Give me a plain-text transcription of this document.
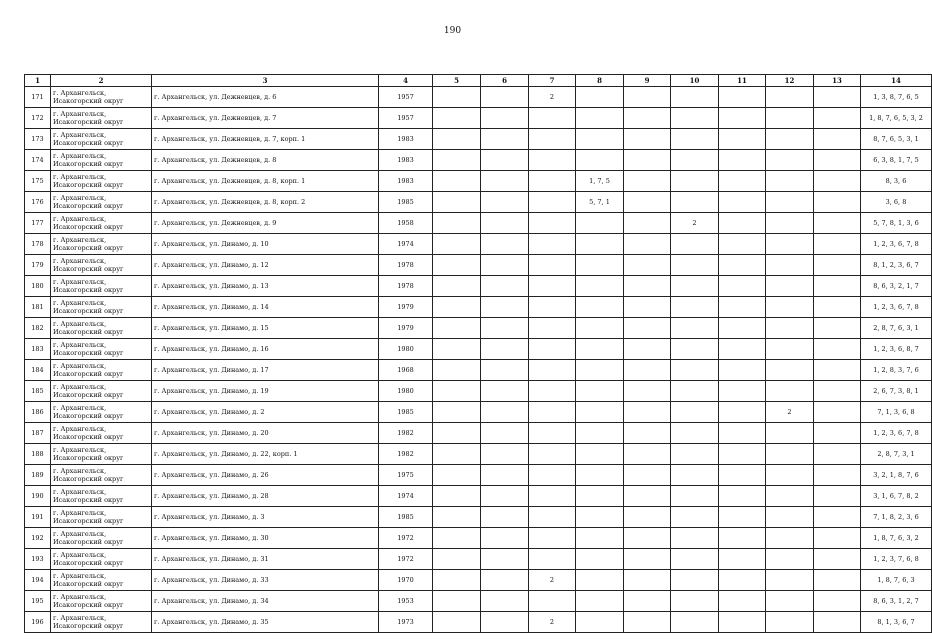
190
1	2	3	4	5	6	7	8	9	10	11	12	13	14
171	г. Архангельск, Исакогорский округ	г. Архангельск, ул. Дежневцев, д. 6	1957			2							1, 3, 8, 7, 6, 5
172	г. Архангельск, Исакогорский округ	г. Архангельск, ул. Дежневцев, д. 7	1957										1, 8, 7, 6, 5, 3, 2
173	г. Архангельск, Исакогорский округ	г. Архангельск, ул. Дежневцев, д. 7, корп. 1	1983										8, 7, 6, 5, 3, 1
174	г. Архангельск, Исакогорский округ	г. Архангельск, ул. Дежневцев, д. 8	1983										6, 3, 8, 1, 7, 5
175	г. Архангельск, Исакогорский округ	г. Архангельск, ул. Дежневцев, д. 8, корп. 1	1983				1, 7, 5						8, 3, 6
176	г. Архангельск, Исакогорский округ	г. Архангельск, ул. Дежневцев, д. 8, корп. 2	1985				5, 7, 1						3, 6, 8
177	г. Архангельск, Исакогорский округ	г. Архангельск, ул. Дежневцев, д. 9	1958						2				5, 7, 8, 1, 3, 6
178	г. Архангельск, Исакогорский округ	г. Архангельск, ул. Динамо, д. 10	1974										1, 2, 3, 6, 7, 8
179	г. Архангельск, Исакогорский округ	г. Архангельск, ул. Динамо, д. 12	1978										8, 1, 2, 3, 6, 7
180	г. Архангельск, Исакогорский округ	г. Архангельск, ул. Динамо, д. 13	1978										8, 6, 3, 2, 1, 7
181	г. Архангельск, Исакогорский округ	г. Архангельск, ул. Динамо, д. 14	1979										1, 2, 3, 6, 7, 8
182	г. Архангельск, Исакогорский округ	г. Архангельск, ул. Динамо, д. 15	1979										2, 8, 7, 6, 3, 1
183	г. Архангельск, Исакогорский округ	г. Архангельск, ул. Динамо, д. 16	1980										1, 2, 3, 6, 8, 7
184	г. Архангельск, Исакогорский округ	г. Архангельск, ул. Динамо, д. 17	1968										1, 2, 8, 3, 7, 6
185	г. Архангельск, Исакогорский округ	г. Архангельск, ул. Динамо, д. 19	1980										2, 6, 7, 3, 8, 1
186	г. Архангельск, Исакогорский округ	г. Архангельск, ул. Динамо, д. 2	1985								2		7, 1, 3, 6, 8
187	г. Архангельск, Исакогорский округ	г. Архангельск, ул. Динамо, д. 20	1982										1, 2, 3, 6, 7, 8
188	г. Архангельск, Исакогорский округ	г. Архангельск, ул. Динамо, д. 22, корп. 1	1982										2, 8, 7, 3, 1
189	г. Архангельск, Исакогорский округ	г. Архангельск, ул. Динамо, д. 26	1975										3, 2, 1, 8, 7, 6
190	г. Архангельск, Исакогорский округ	г. Архангельск, ул. Динамо, д. 28	1974										3, 1, 6, 7, 8, 2
191	г. Архангельск, Исакогорский округ	г. Архангельск, ул. Динамо, д. 3	1985										7, 1, 8, 2, 3, 6
192	г. Архангельск, Исакогорский округ	г. Архангельск, ул. Динамо, д. 30	1972										1, 8, 7, 6, 3, 2
193	г. Архангельск, Исакогорский округ	г. Архангельск, ул. Динамо, д. 31	1972										1, 2, 3, 7, 6, 8
194	г. Архангельск, Исакогорский округ	г. Архангельск, ул. Динамо, д. 33	1970			2							1, 8, 7, 6, 3
195	г. Архангельск, Исакогорский округ	г. Архангельск, ул. Динамо, д. 34	1953										8, 6, 3, 1, 2, 7
196	г. Архангельск, Исакогорский округ	г. Архангельск, ул. Динамо, д. 35	1973			2							8, 1, 3, 6, 7
